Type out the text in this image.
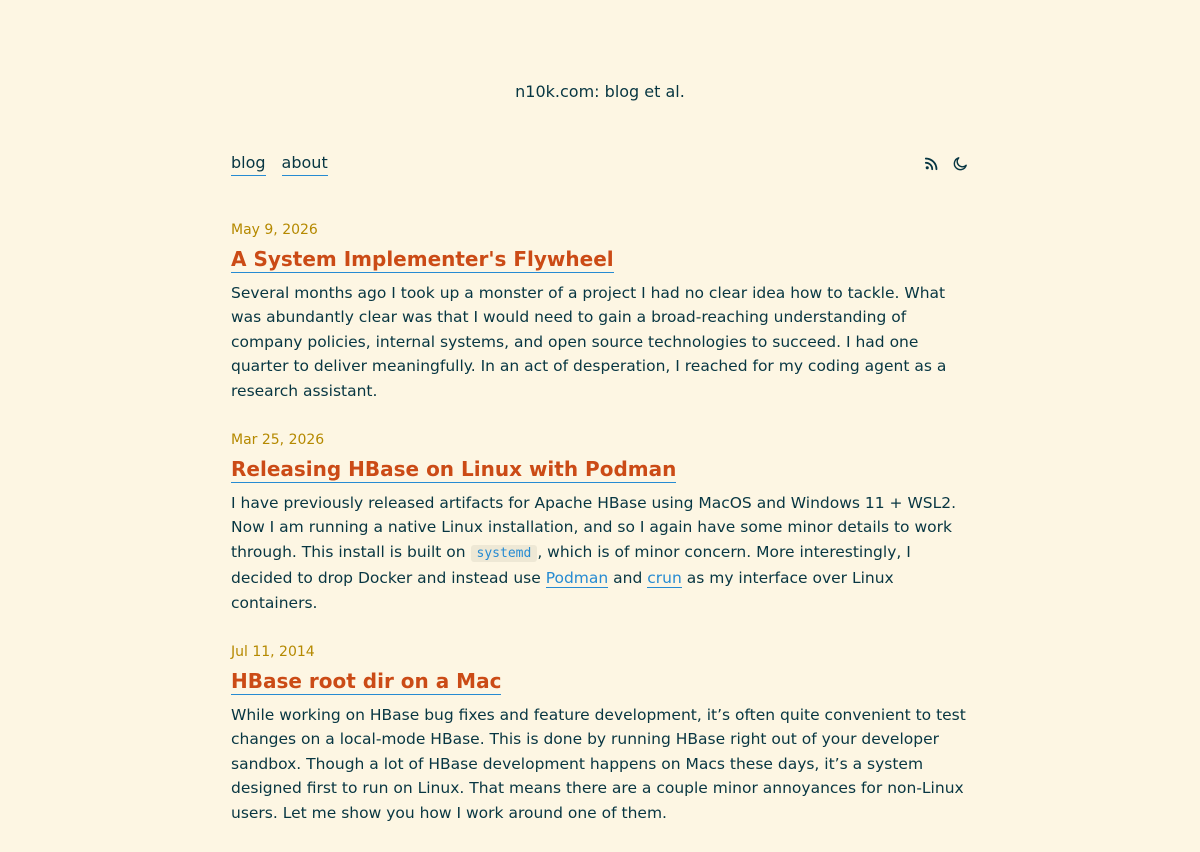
n10k.com: blog et al.
blog about
May 9, 2026
A System Implementer's Flywheel
Several months ago I took up a monster of a project I had no clear idea how to tackle. What was abundantly clear was that I would need to gain a broad-reaching understanding of company policies, internal systems, and open source technologies to succeed. I had one quarter to deliver meaningfully. In an act of desperation, I reached for my coding agent as a research assistant.
Mar 25, 2026
Releasing HBase on Linux with Podman
I have previously released artifacts for Apache HBase using MacOS and Windows 11 + WSL2. Now I am running a native Linux installation, and so I again have some minor details to work through. This install is built on systemd , which is of minor concern. More interestingly, I decided to drop Docker and instead use Podman and crun as my interface over Linux containers.
Jul 11, 2014
HBase root dir on a Mac
While working on HBase bug fixes and feature development, it’s often quite convenient to test changes on a local-mode HBase. This is done by running HBase right out of your developer sandbox. Though a lot of HBase development happens on Macs these days, it’s a system designed first to run on Linux. That means there are a couple minor annoyances for non-Linux users. Let me show you how I work around one of them.
